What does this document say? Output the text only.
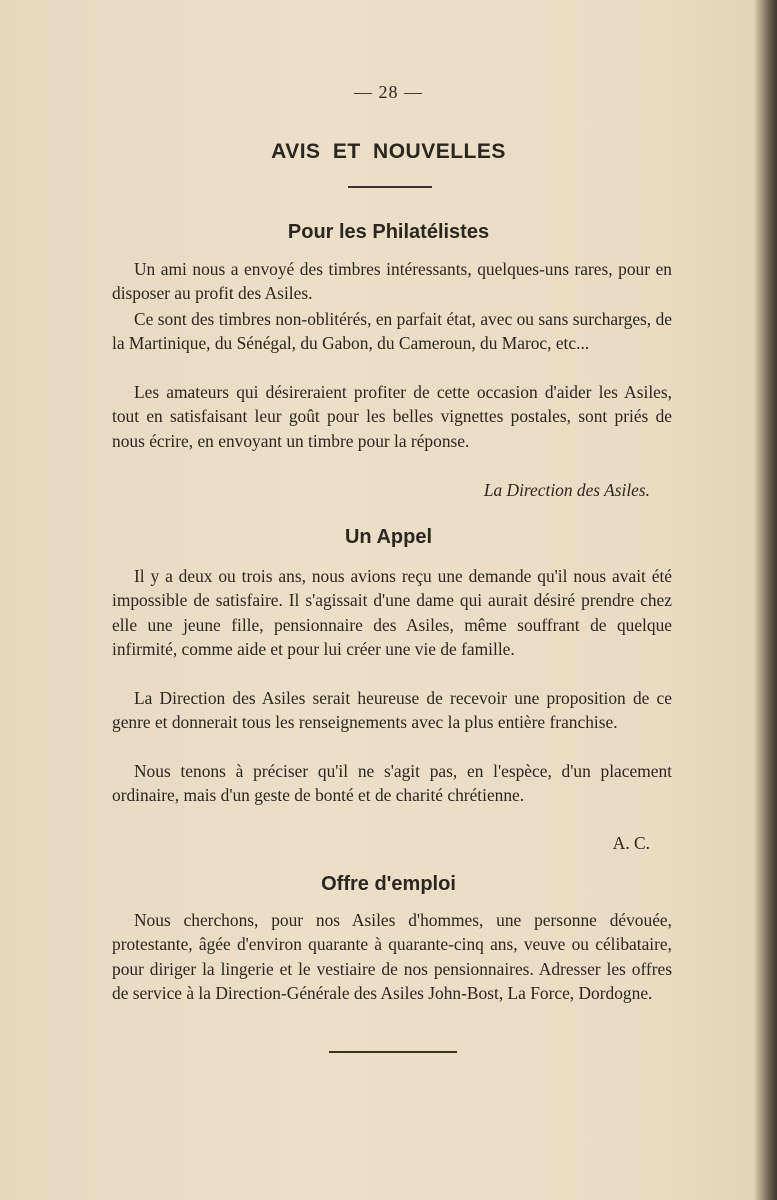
— 28 —
AVIS ET NOUVELLES
Pour les Philatélistes
Un ami nous a envoyé des timbres intéressants, quelques-uns rares, pour en disposer au profit des Asiles.
Ce sont des timbres non-oblitérés, en parfait état, avec ou sans surcharges, de la Martinique, du Sénégal, du Gabon, du Cameroun, du Maroc, etc...
Les amateurs qui désireraient profiter de cette occasion d'aider les Asiles, tout en satisfaisant leur goût pour les belles vignettes postales, sont priés de nous écrire, en envoyant un timbre pour la réponse.
La Direction des Asiles.
Un Appel
Il y a deux ou trois ans, nous avions reçu une demande qu'il nous avait été impossible de satisfaire. Il s'agissait d'une dame qui aurait désiré prendre chez elle une jeune fille, pensionnaire des Asiles, même souffrant de quelque infirmité, comme aide et pour lui créer une vie de famille.
La Direction des Asiles serait heureuse de recevoir une proposition de ce genre et donnerait tous les renseignements avec la plus entière franchise.
Nous tenons à préciser qu'il ne s'agit pas, en l'espèce, d'un placement ordinaire, mais d'un geste de bonté et de charité chrétienne.
A. C.
Offre d'emploi
Nous cherchons, pour nos Asiles d'hommes, une personne dévouée, protestante, âgée d'environ quarante à quarante-cinq ans, veuve ou célibataire, pour diriger la lingerie et le vestiaire de nos pensionnaires. Adresser les offres de service à la Direction-Générale des Asiles John-Bost, La Force, Dordogne.
